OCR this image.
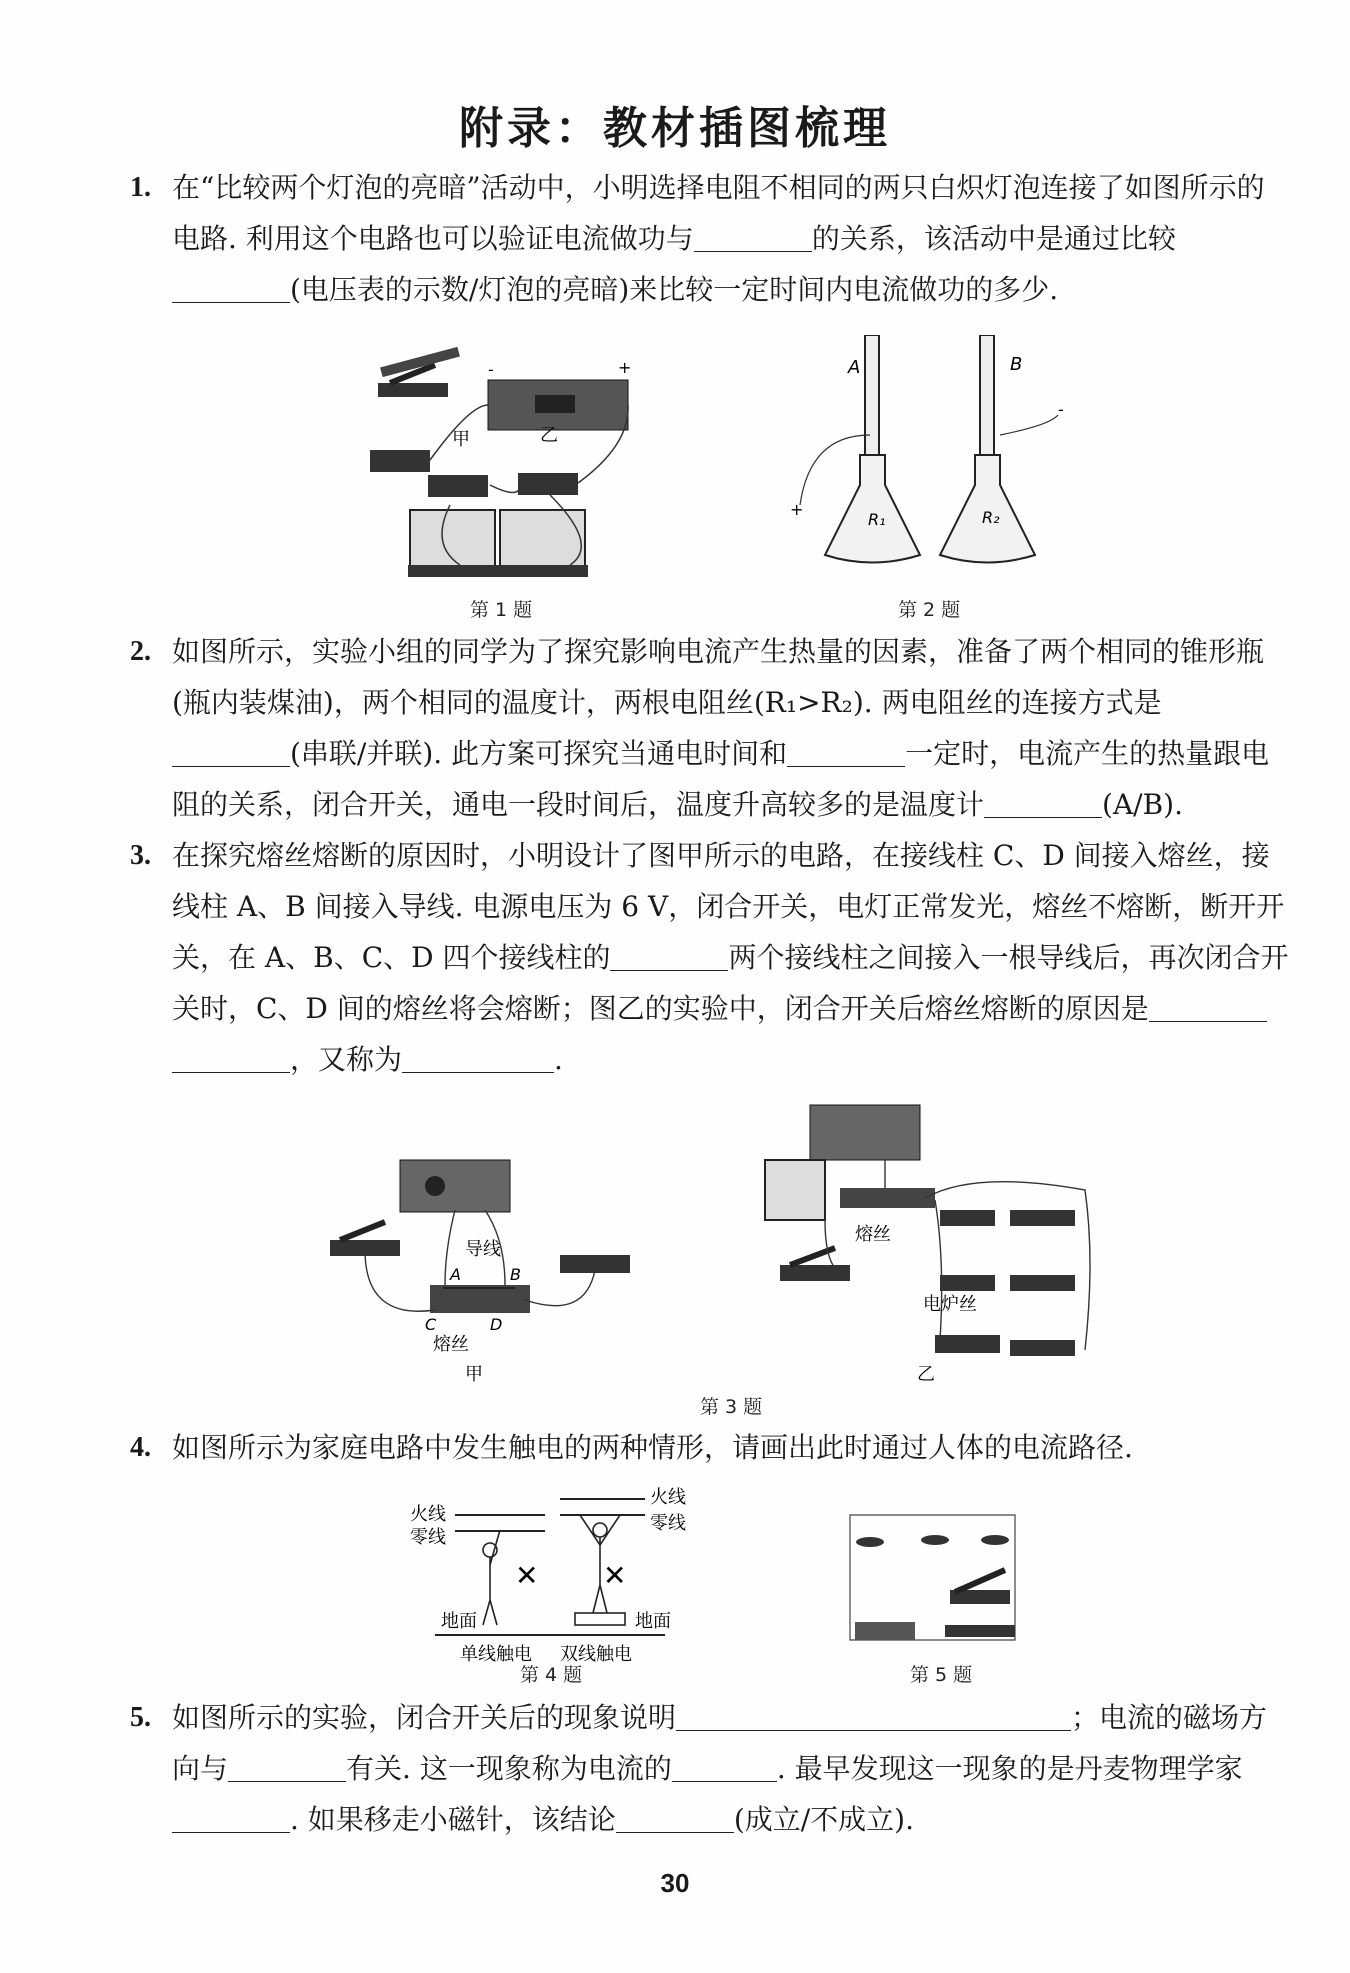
附录：教材插图梳理
1. 在“比较两个灯泡的亮暗”活动中，小明选择电阻不相同的两只白炽灯泡连接了如图所示的电路. 利用这个电路也可以验证电流做功与	的关系，该活动中是通过比较
(电压表的示数/灯泡的亮暗)来比较一定时间内电流做功的多少.
-	+
甲	乙
第 1 题
A	B
R₁	R₂
+
-
第 2 题
2. 如图所示，实验小组的同学为了探究影响电流产生热量的因素，准备了两个相同的锥形瓶(瓶内装煤油)，两个相同的温度计，两根电阻丝(R₁>R₂). 两电阻丝的连接方式是
(串联/并联). 此方案可探究当通电时间和	一定时，电流产生的热量跟电阻的关系，闭合开关，通电一段时间后，温度升高较多的是温度计	(A/B).
3. 在探究熔丝熔断的原因时，小明设计了图甲所示的电路，在接线柱 C、D 间接入熔丝，接线柱 A、B 间接入导线. 电源电压为 6 V，闭合开关，电灯正常发光，熔丝不熔断，断开开关，在 A、B、C、D 四个接线柱的	两个接线柱之间接入一根导线后，再次闭合开关时，C、D 间的熔丝将会熔断；图乙的实验中，闭合开关后熔丝熔断的原因是
，又称为	.
导线
A	B
C	D
熔丝
甲
熔丝
电炉丝
乙
第 3 题
4. 如图所示为家庭电路中发生触电的两种情形，请画出此时通过人体的电流路径.
火线
零线
✕
地面
火线
零线
✕
地面
单线触电 双线触电
第 4 题	第 5 题
5. 如图所示的实验，闭合开关后的现象说明	；电流的磁场方向与	有关. 这一现象称为电流的	. 最早发现这一现象的是丹麦物理学家. 如果移走小磁针，该结论	(成立/不成立).
30
